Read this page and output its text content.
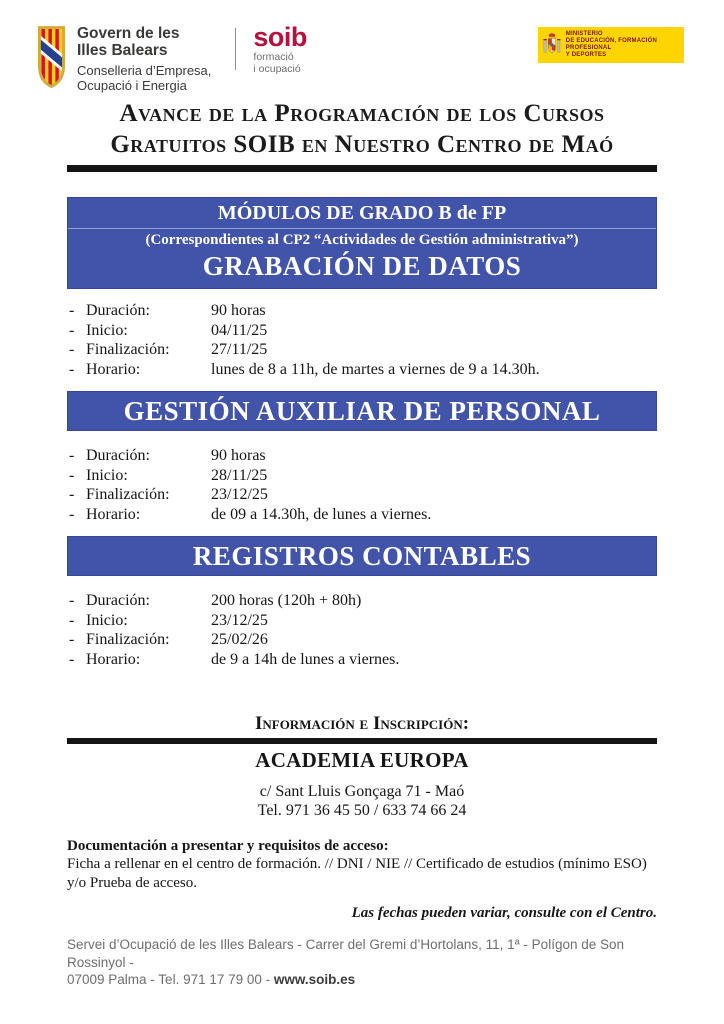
Govern de les
Illes Balears
Conselleria d’Empresa,
Ocupació i Energia
soib
formació
i ocupació
MINISTERIO
DE EDUCACIÓN, FORMACIÓN PROFESIONAL
Y DEPORTES
Avance de la Programación de los Cursos
Gratuitos SOIB en Nuestro Centro de Maó
MÓDULOS DE GRADO B de FP
(Correspondientes al CP2 “Actividades de Gestión administrativa”)
GRABACIÓN DE DATOS
- Duración:	90 horas
- Inicio:	04/11/25
- Finalización:	27/11/25
- Horario:	lunes de 8 a 11h, de martes a viernes de 9 a 14.30h.
GESTIÓN AUXILIAR DE PERSONAL
- Duración:	90 horas
- Inicio:	28/11/25
- Finalización:	23/12/25
- Horario:	de 09 a 14.30h, de lunes a viernes.
REGISTROS CONTABLES
- Duración:	200 horas (120h + 80h)
- Inicio:	23/12/25
- Finalización:	25/02/26
- Horario:	de 9 a 14h de lunes a viernes.
Información e Inscripción:
ACADEMIA EUROPA
c/ Sant Lluis Gonçaga 71 - Maó
Tel. 971 36 45 50 / 633 74 66 24
Documentación a presentar y requisitos de acceso:
Ficha a rellenar en el centro de formación. // DNI / NIE // Certificado de estudios (mínimo ESO) y/o Prueba de acceso.
Las fechas pueden variar, consulte con el Centro.
Servei d’Ocupació de les Illes Balears - Carrer del Gremi d’Hortolans, 11, 1ª - Polígon de Son Rossinyol -
07009 Palma - Tel. 971 17 79 00 - www.soib.es
